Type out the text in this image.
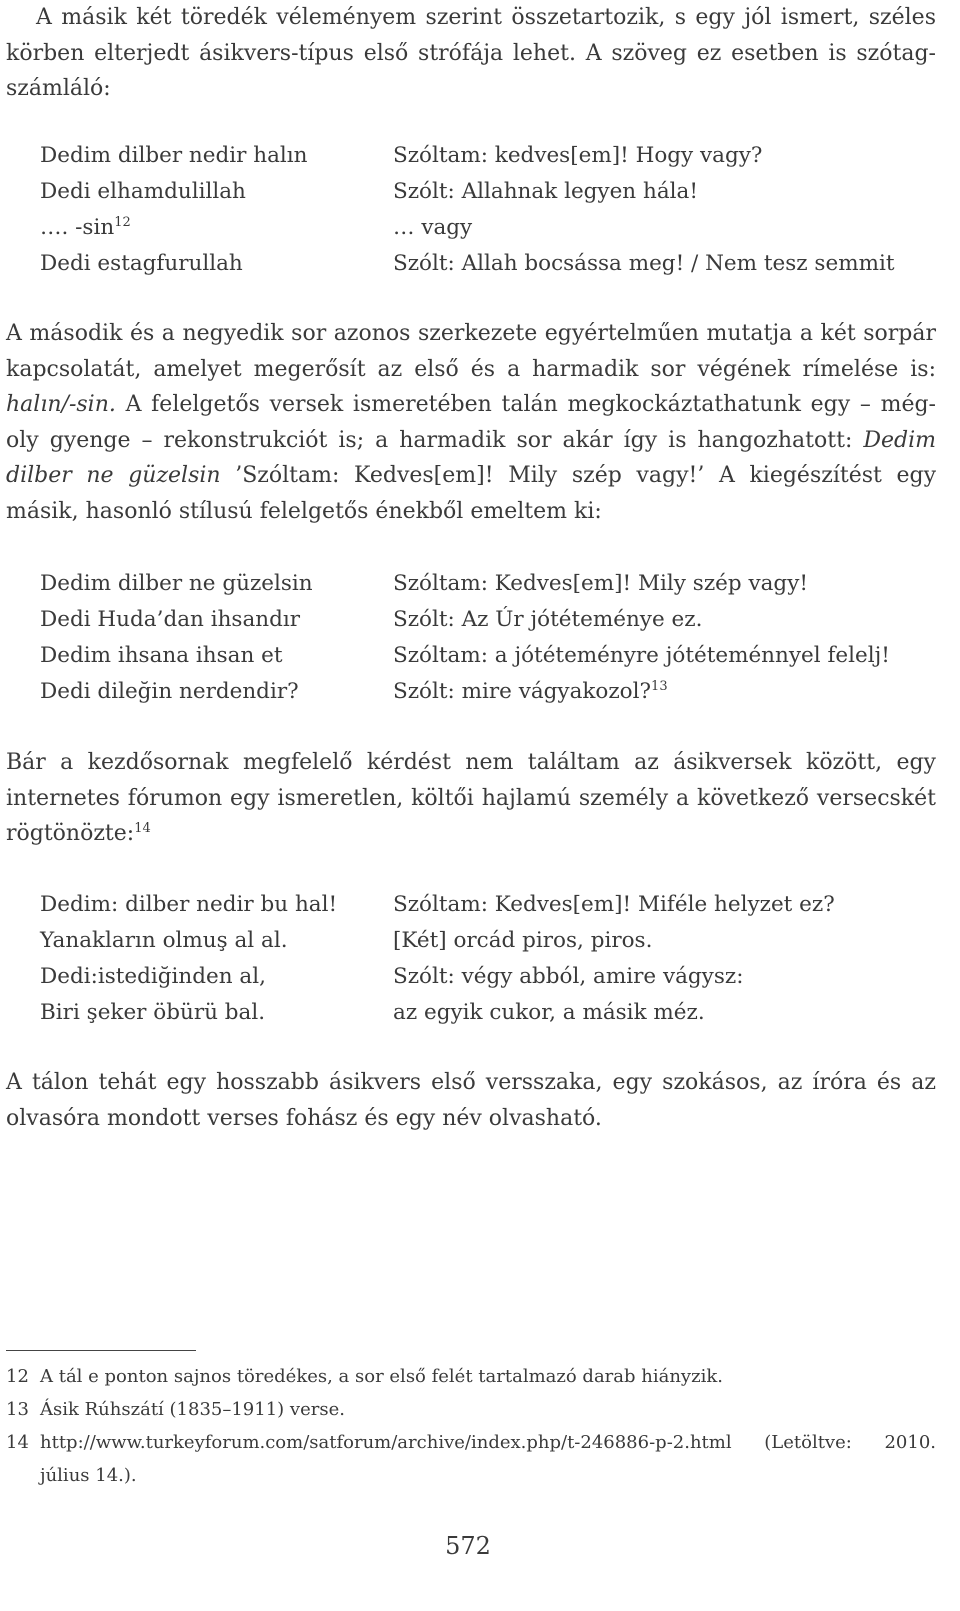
A másik két töredék véleményem szerint összetartozik, s egy jól ismert, széles körben elterjedt ásikvers-típus első strófája lehet. A szöveg ez esetben is szótag-számláló:

Dedim dilber nedir halın	Szóltam: kedves[em]! Hogy vagy?
Dedi elhamdulillah	Szólt: Allahnak legyen hála!
…. $-\sin^{12}$	… vagy
Dedi estagfurullah	Szólt: Allah bocsássa meg! / Nem tesz semmit

A második és a negyedik sor azonos szerkezete egyértelműen mutatja a két sorpár kapcsolatát, amelyet megerősít az első és a harmadik sor végének rímelése is: halın/-sin. A felelgetős versek ismeretében talán megkockáztathatunk egy – még-oly gyenge – rekonstrukciót is; a harmadik sor akár így is hangozhatott: Dedim dilber ne güzelsin ’Szóltam: Kedves[em]! Mily szép vagy!’ A kiegészítést egy másik, hasonló stílusú felelgetős énekből emeltem ki:

Dedim dilber ne güzelsin	Szóltam: Kedves[em]! Mily szép vagy!
Dedi Huda’dan ihsandır	Szólt: Az Úr jótéteménye ez.
Dedim ihsana ihsan et	Szóltam: a jótéteményre jótéteménnyel felelj!
Dedi dileğin nerdendir?	Szólt: mire vágyakozol?$^{13}$

Bár a kezdősornak megfelelő kérdést nem találtam az ásikversek között, egy internetes fórumon egy ismeretlen, költői hajlamú személy a következő versecskét rögtönözte:$^{14}$

Dedim: dilber nedir bu hal!	Szóltam: Kedves[em]! Miféle helyzet ez?
Yanakların olmuş al al.	[Két] orcád piros, piros.
Dedi:istediğinden al,	Szólt: végy abból, amire vágysz:
Biri şeker öbürü bal.	az egyik cukor, a másik méz.

A tálon tehát egy hosszabb ásikvers első versszaka, egy szokásos, az íróra és az olvasóra mondott verses fohász és egy név olvasható.

12 A tál e ponton sajnos töredékes, a sor első felét tartalmazó darab hiányzik.
13 Ásik Rúhszátí (1835–1911) verse.
14 http://www.turkeyforum.com/satforum/archive/index.php/t-246886-p-2.html (Letöltve: 2010. július 14.).
572
